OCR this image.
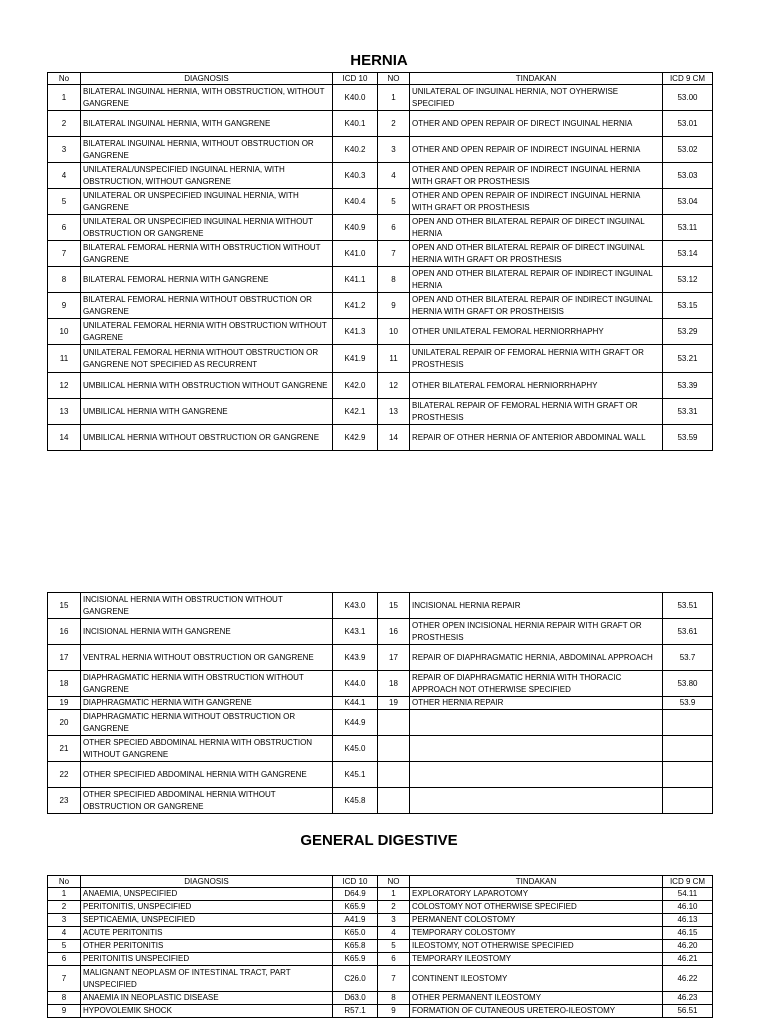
HERNIA
No	DIAGNOSIS	ICD 10	NO	TINDAKAN	ICD 9 CM
1	BILATERAL INGUINAL HERNIA, WITH OBSTRUCTION, WITHOUT GANGRENE	K40.0	1	UNILATERAL OF INGUINAL HERNIA, NOT OYHERWISE SPECIFIED	53.00
2	BILATERAL INGUINAL HERNIA, WITH GANGRENE	K40.1	2	OTHER AND OPEN REPAIR OF DIRECT INGUINAL HERNIA	53.01
3	BILATERAL INGUINAL HERNIA, WITHOUT OBSTRUCTION OR GANGRENE	K40.2	3	OTHER AND OPEN REPAIR OF INDIRECT INGUINAL HERNIA	53.02
4	UNILATERAL/UNSPECIFIED INGUINAL HERNIA, WITH OBSTRUCTION, WITHOUT GANGRENE	K40.3	4	OTHER AND OPEN REPAIR OF INDIRECT INGUINAL HERNIA WITH GRAFT OR PROSTHESIS	53.03
5	UNILATERAL OR UNSPECIFIED INGUINAL HERNIA, WITH GANGRENE	K40.4	5	OTHER AND OPEN REPAIR OF INDIRECT INGUINAL HERNIA WITH GRAFT OR PROSTHESIS	53.04
6	UNILATERAL OR UNSPECIFIED INGUINAL HERNIA WITHOUT OBSTRUCTION OR GANGRENE	K40.9	6	OPEN AND OTHER BILATERAL REPAIR OF DIRECT INGUINAL HERNIA	53.11
7	BILATERAL FEMORAL HERNIA WITH OBSTRUCTION WITHOUT GANGRENE	K41.0	7	OPEN AND OTHER BILATERAL REPAIR OF DIRECT INGUINAL HERNIA WITH GRAFT OR PROSTHESIS	53.14
8	BILATERAL FEMORAL HERNIA WITH GANGRENE	K41.1	8	OPEN AND OTHER BILATERAL REPAIR OF INDIRECT INGUINAL HERNIA	53.12
9	BILATERAL FEMORAL HERNIA WITHOUT OBSTRUCTION OR GANGRENE	K41.2	9	OPEN AND OTHER BILATERAL REPAIR OF INDIRECT INGUINAL HERNIA WITH GRAFT OR PROSTHEISIS	53.15
10	UNILATERAL FEMORAL HERNIA WITH OBSTRUCTION WITHOUT GAGRENE	K41.3	10	OTHER UNILATERAL FEMORAL HERNIORRHAPHY	53.29
11	UNILATERAL FEMORAL HERNIA WITHOUT OBSTRUCTION OR GANGRENE NOT SPECIFIED AS RECURRENT	K41.9	11	UNILATERAL REPAIR OF FEMORAL HERNIA WITH GRAFT OR PROSTHESIS	53.21
12	UMBILICAL HERNIA WITH OBSTRUCTION WITHOUT GANGRENE	K42.0	12	OTHER BILATERAL FEMORAL HERNIORRHAPHY	53.39
13	UMBILICAL HERNIA WITH GANGRENE	K42.1	13	BILATERAL REPAIR OF FEMORAL HERNIA WITH GRAFT OR PROSTHESIS	53.31
14	UMBILICAL HERNIA WITHOUT OBSTRUCTION OR GANGRENE	K42.9	14	REPAIR OF OTHER HERNIA OF ANTERIOR ABDOMINAL WALL	53.59
15	INCISIONAL HERNIA WITH OBSTRUCTION WITHOUT GANGRENE	K43.0	15	INCISIONAL HERNIA REPAIR	53.51
16	INCISIONAL HERNIA WITH GANGRENE	K43.1	16	OTHER OPEN INCISIONAL HERNIA REPAIR WITH GRAFT OR PROSTHESIS	53.61
17	VENTRAL HERNIA WITHOUT OBSTRUCTION OR GANGRENE	K43.9	17	REPAIR OF DIAPHRAGMATIC HERNIA, ABDOMINAL APPROACH	53.7
18	DIAPHRAGMATIC HERNIA WITH OBSTRUCTION WITHOUT GANGRENE	K44.0	18	REPAIR OF DIAPHRAGMATIC HERNIA WITH THORACIC APPROACH NOT OTHERWISE SPECIFIED	53.80
19	DIAPHRAGMATIC HERNIA WITH GANGRENE	K44.1	19	OTHER HERNIA REPAIR	53.9
20	DIAPHRAGMATIC HERNIA WITHOUT OBSTRUCTION OR GANGRENE	K44.9			
21	OTHER SPECIED ABDOMINAL HERNIA WITH OBSTRUCTION WITHOUT GANGRENE	K45.0			
22	OTHER SPECIFIED ABDOMINAL HERNIA WITH GANGRENE	K45.1			
23	OTHER SPECIFIED ABDOMINAL HERNIA WITHOUT OBSTRUCTION OR GANGRENE	K45.8			
GENERAL DIGESTIVE
No	DIAGNOSIS	ICD 10	NO	TINDAKAN	ICD 9 CM
1	ANAEMIA, UNSPECIFIED	D64.9	1	EXPLORATORY LAPAROTOMY	54.11
2	PERITONITIS, UNSPECIFIED	K65.9	2	COLOSTOMY NOT OTHERWISE SPECIFIED	46.10
3	SEPTICAEMIA, UNSPECIFIED	A41.9	3	PERMANENT COLOSTOMY	46.13
4	ACUTE PERITONITIS	K65.0	4	TEMPORARY COLOSTOMY	46.15
5	OTHER PERITONITIS	K65.8	5	ILEOSTOMY, NOT OTHERWISE SPECIFIED	46.20
6	PERITONITIS UNSPECIFIED	K65.9	6	TEMPORARY ILEOSTOMY	46.21
7	MALIGNANT NEOPLASM OF INTESTINAL TRACT, PART UNSPECIFIED	C26.0	7	CONTINENT ILEOSTOMY	46.22
8	ANAEMIA IN NEOPLASTIC DISEASE	D63.0	8	OTHER PERMANENT ILEOSTOMY	46.23
9	HYPOVOLEMIK SHOCK	R57.1	9	FORMATION OF CUTANEOUS URETERO-ILEOSTOMY	56.51
